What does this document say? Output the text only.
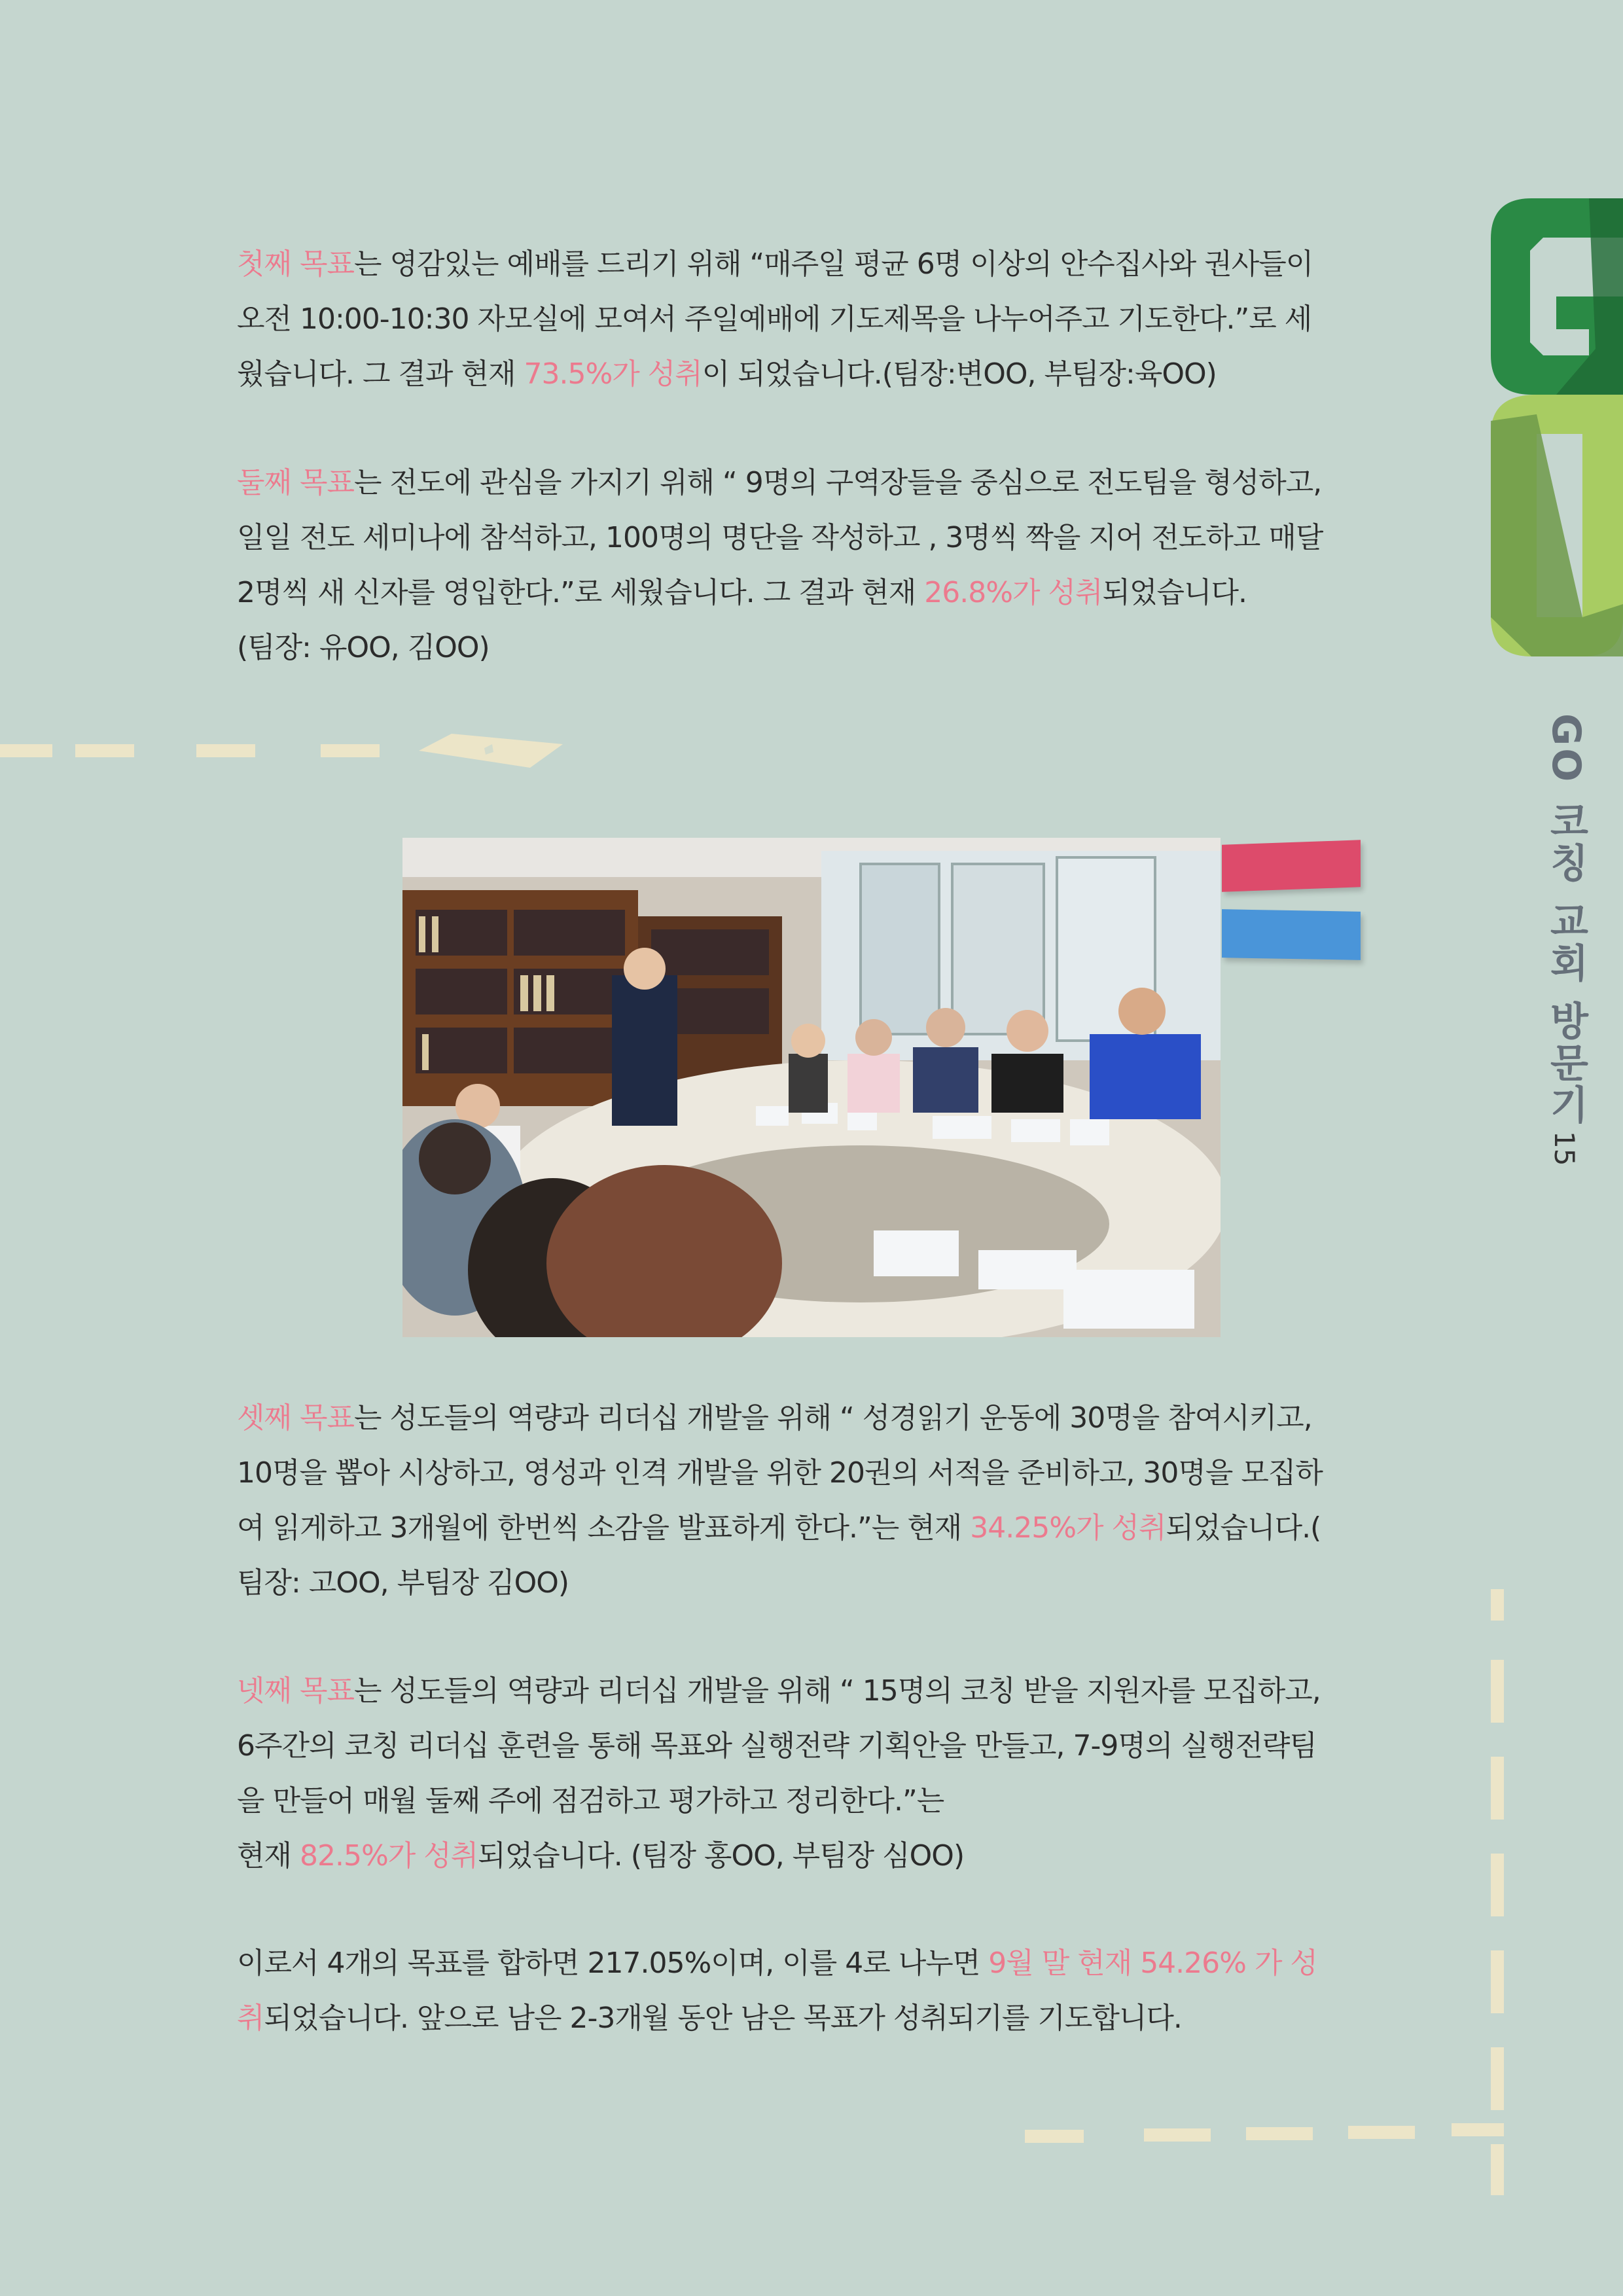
GO 코칭 교회 방문기
15

첫째 목표는 영감있는 예배를 드리기 위해 “매주일 평균 6명 이상의 안수집사와 권사들이
오전 10:00-10:30 자모실에 모여서 주일예배에 기도제목을 나누어주고 기도한다.”로 세
웠습니다. 그 결과 현재 73.5%가 성취이 되었습니다.(팀장:변OO, 부팀장:육OO)

둘째 목표는 전도에 관심을 가지기 위해 “ 9명의 구역장들을 중심으로 전도팀을 형성하고,
일일 전도 세미나에 참석하고, 100명의 명단을 작성하고 , 3명씩 짝을 지어 전도하고 매달
2명씩 새 신자를 영입한다.”로 세웠습니다. 그 결과 현재 26.8%가 성취되었습니다.
(팀장: 유OO, 김OO)

셋째 목표는 성도들의 역량과 리더십 개발을 위해 “ 성경읽기 운동에 30명을 참여시키고,
10명을 뽑아 시상하고, 영성과 인격 개발을 위한 20권의 서적을 준비하고, 30명을 모집하
여 읽게하고 3개월에 한번씩 소감을 발표하게 한다.”는 현재 34.25%가 성취되었습니다.(
팀장: 고OO, 부팀장 김OO)

넷째 목표는 성도들의 역량과 리더십 개발을 위해 “ 15명의 코칭 받을 지원자를 모집하고,
6주간의 코칭 리더십 훈련을 통해 목표와 실행전략 기획안을 만들고, 7-9명의 실행전략팀
을 만들어 매월 둘째 주에 점검하고 평가하고 정리한다.”는
현재 82.5%가 성취되었습니다. (팀장 홍OO, 부팀장 심OO)

이로서 4개의 목표를 합하면 217.05%이며, 이를 4로 나누면 9월 말 현재 54.26% 가 성
취되었습니다. 앞으로 남은 2-3개월 동안 남은 목표가 성취되기를 기도합니다.
